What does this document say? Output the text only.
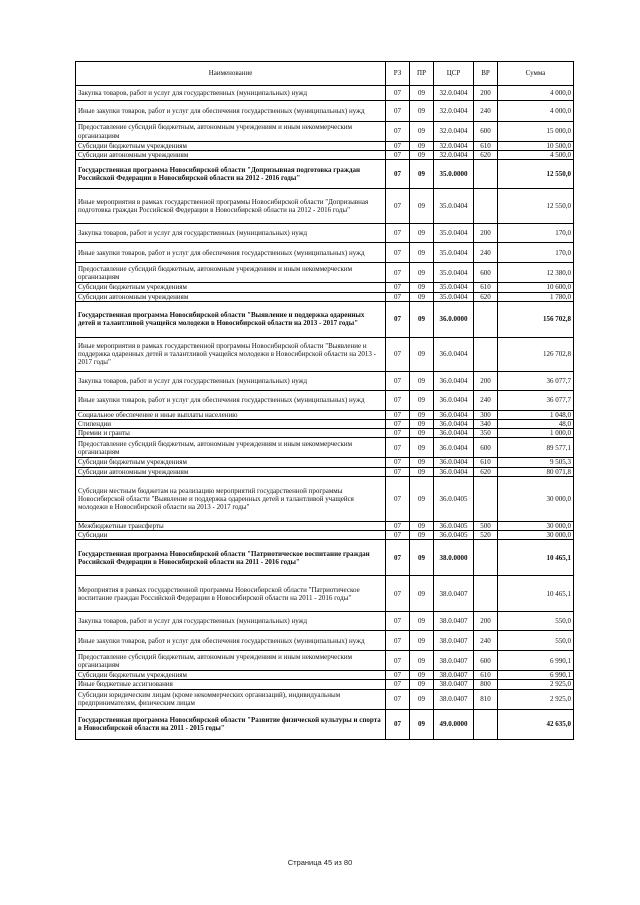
Наименование	РЗ	ПР	ЦСР	ВР	Сумма
Закупка товаров, работ и услуг для государственных (муниципальных) нужд	07	09	32.0.0404	200	4 000,0
Иные закупки товаров, работ и услуг для обеспечения государственных (муниципальных) нужд	07	09	32.0.0404	240	4 000,0
Предоставление субсидий бюджетным, автономным учреждениям и иным некоммерческим организациям	07	09	32.0.0404	600	15 000,0
Субсидии бюджетным учреждениям	07	09	32.0.0404	610	10 500,0
Субсидии автономным учреждениям	07	09	32.0.0404	620	4 500,0
Государственная программа Новосибирской области "Допризывная подготовка граждан Российской Федерации в Новосибирской области на 2012 - 2016 годы"	07	09	35.0.0000		12 550,0
Иные мероприятия в рамках государственной программы Новосибирской области "Допризывная подготовка граждан Российской Федерации в Новосибирской области на 2012 - 2016 годы"	07	09	35.0.0404		12 550,0
Закупка товаров, работ и услуг для государственных (муниципальных) нужд	07	09	35.0.0404	200	170,0
Иные закупки товаров, работ и услуг для обеспечения государственных (муниципальных) нужд	07	09	35.0.0404	240	170,0
Предоставление субсидий бюджетным, автономным учреждениям и иным некоммерческим организациям	07	09	35.0.0404	600	12 380,0
Субсидии бюджетным учреждениям	07	09	35.0.0404	610	10 600,0
Субсидии автономным учреждениям	07	09	35.0.0404	620	1 780,0
Государственная программа Новосибирской области "Выявление и поддержка одаренных детей и талантливой учащейся молодежи в Новосибирской области на 2013 - 2017 годы"	07	09	36.0.0000		156 702,8
Иные мероприятия в рамках государственной программы Новосибирской области "Выявление и поддержка одаренных детей и талантливой учащейся молодежи в Новосибирской области на 2013 - 2017 годы"	07	09	36.0.0404		126 702,8
Закупка товаров, работ и услуг для государственных (муниципальных) нужд	07	09	36.0.0404	200	36 077,7
Иные закупки товаров, работ и услуг для обеспечения государственных (муниципальных) нужд	07	09	36.0.0404	240	36 077,7
Социальное обеспечение и иные выплаты населению	07	09	36.0.0404	300	1 048,0
Стипендии	07	09	36.0.0404	340	48,0
Премии и гранты	07	09	36.0.0404	350	1 000,0
Предоставление субсидий бюджетным, автономным учреждениям и иным некоммерческим организациям	07	09	36.0.0404	600	89 577,1
Субсидии бюджетным учреждениям	07	09	36.0.0404	610	9 505,3
Субсидии автономным учреждениям	07	09	36.0.0404	620	80 071,8
Субсидии местным бюджетам на реализацию мероприятий государственной программы Новосибирской области "Выявление и поддержка одаренных детей и талантливой учащейся молодежи в Новосибирской области на 2013 - 2017 годы"	07	09	36.0.0405		30 000,0
Межбюджетные трансферты	07	09	36.0.0405	500	30 000,0
Субсидии	07	09	36.0.0405	520	30 000,0
Государственная программа Новосибирской области "Патриотическое воспитание граждан Российской Федерации в Новосибирской области на 2011 - 2016 годы"	07	09	38.0.0000		10 465,1
Мероприятия в рамках государственной программы Новосибирской области "Патриотическое воспитание граждан Российской Федерации в Новосибирской области на 2011 - 2016 годы"	07	09	38.0.0407		10 465,1
Закупка товаров, работ и услуг для государственных (муниципальных) нужд	07	09	38.0.0407	200	550,0
Иные закупки товаров, работ и услуг для обеспечения государственных (муниципальных) нужд	07	09	38.0.0407	240	550,0
Предоставление субсидий бюджетным, автономным учреждениям и иным некоммерческим организациям	07	09	38.0.0407	600	6 990,1
Субсидии бюджетным учреждениям	07	09	38.0.0407	610	6 990,1
Иные бюджетные ассигнования	07	09	38.0.0407	800	2 925,0
Субсидии юридическим лицам (кроме некоммерческих организаций), индивидуальным предпринимателям, физическим лицам	07	09	38.0.0407	810	2 925,0
Государственная программа Новосибирской области "Развитие физической культуры и спорта в Новосибирской области на 2011 - 2015 годы"	07	09	49.0.0000		42 635,0
Страница 45 из 80
